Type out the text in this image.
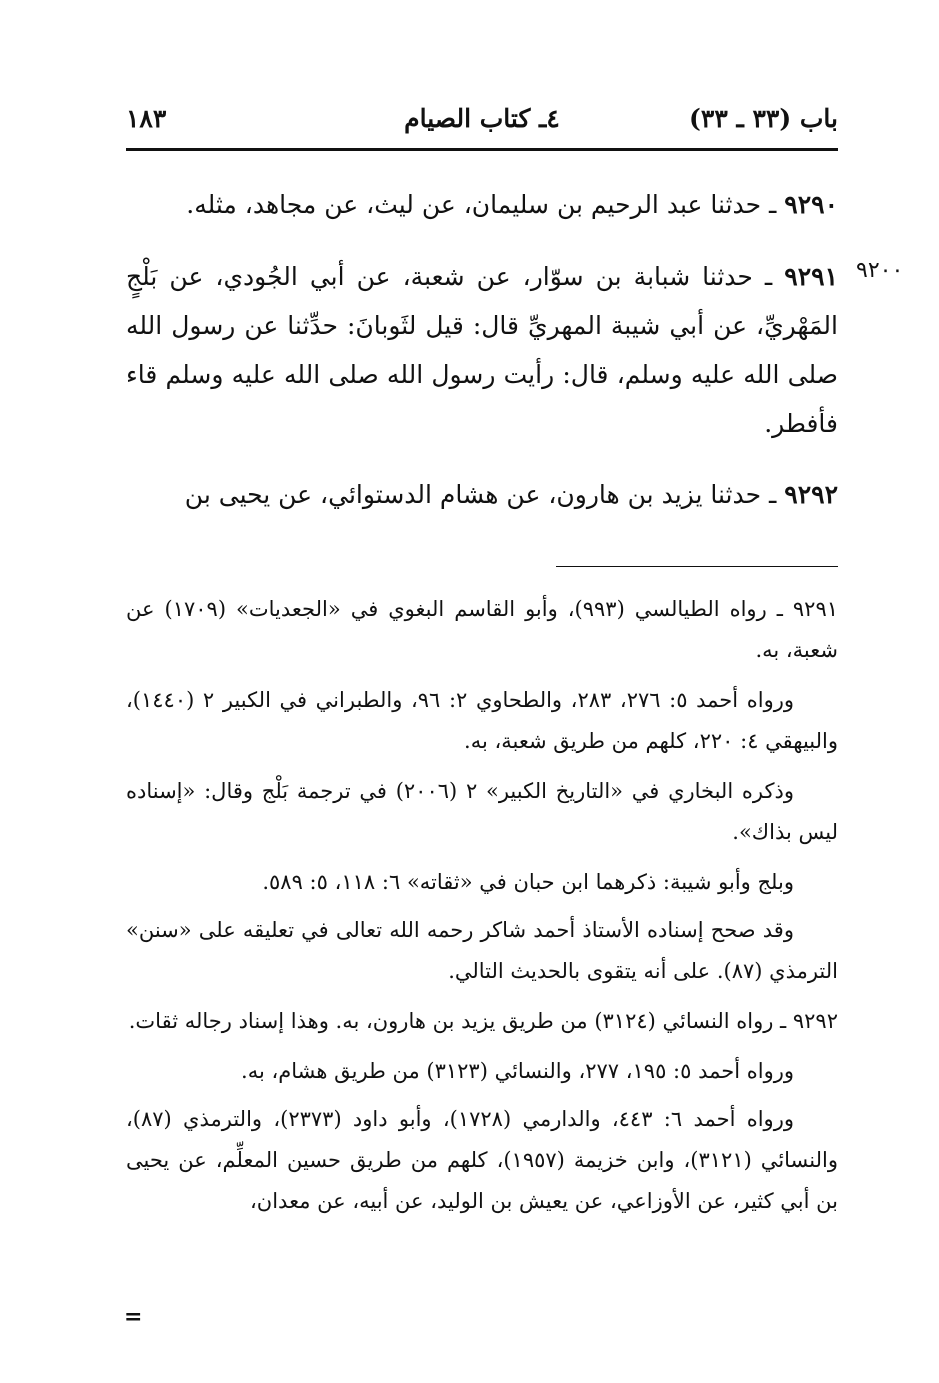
باب (٣٣ ـ ٣٣)
٤ـ كتاب الصيام
١٨٣
٩٢٠٠

٩٢٩٠ ـ حدثنا عبد الرحيم بن سليمان، عن ليث، عن مجاهد، مثله.

٩٢٩١ ـ حدثنا شبابة بن سوّار، عن شعبة، عن أبي الجُودي، عن بَلْجٍ المَهْريِّ، عن أبي شيبة المهريِّ قال: قيل لثَوبانَ: حدِّثنا عن رسول الله صلى الله عليه وسلم، قال: رأيت رسول الله صلى الله عليه وسلم قاء فأفطر.

٩٢٩٢ ـ حدثنا يزيد بن هارون، عن هشام الدستوائي، عن يحيى بن

٩٢٩١ ـ رواه الطيالسي (٩٩٣)، وأبو القاسم البغوي في «الجعديات» (١٧٠٩) عن شعبة، به.

ورواه أحمد ٥: ٢٧٦، ٢٨٣، والطحاوي ٢: ٩٦، والطبراني في الكبير ٢ (١٤٤٠)، والبيهقي ٤: ٢٢٠، كلهم من طريق شعبة، به.

وذكره البخاري في «التاريخ الكبير» ٢ (٢٠٠٦) في ترجمة بَلْج وقال: «إسناده ليس بذاك».

وبلج وأبو شيبة: ذكرهما ابن حبان في «ثقاته» ٦: ١١٨، ٥: ٥٨٩.

وقد صحح إسناده الأستاذ أحمد شاكر رحمه الله تعالى في تعليقه على «سنن» الترمذي (٨٧). على أنه يتقوى بالحديث التالي.

٩٢٩٢ ـ رواه النسائي (٣١٢٤) من طريق يزيد بن هارون، به. وهذا إسناد رجاله ثقات.

ورواه أحمد ٥: ١٩٥، ٢٧٧، والنسائي (٣١٢٣) من طريق هشام، به.

ورواه أحمد ٦: ٤٤٣، والدارمي (١٧٢٨)، وأبو داود (٢٣٧٣)، والترمذي (٨٧)، والنسائي (٣١٢١)، وابن خزيمة (١٩٥٧)، كلهم من طريق حسين المعلِّم، عن يحيى بن أبي كثير، عن الأوزاعي، عن يعيش بن الوليد، عن أبيه، عن معدان،

=
